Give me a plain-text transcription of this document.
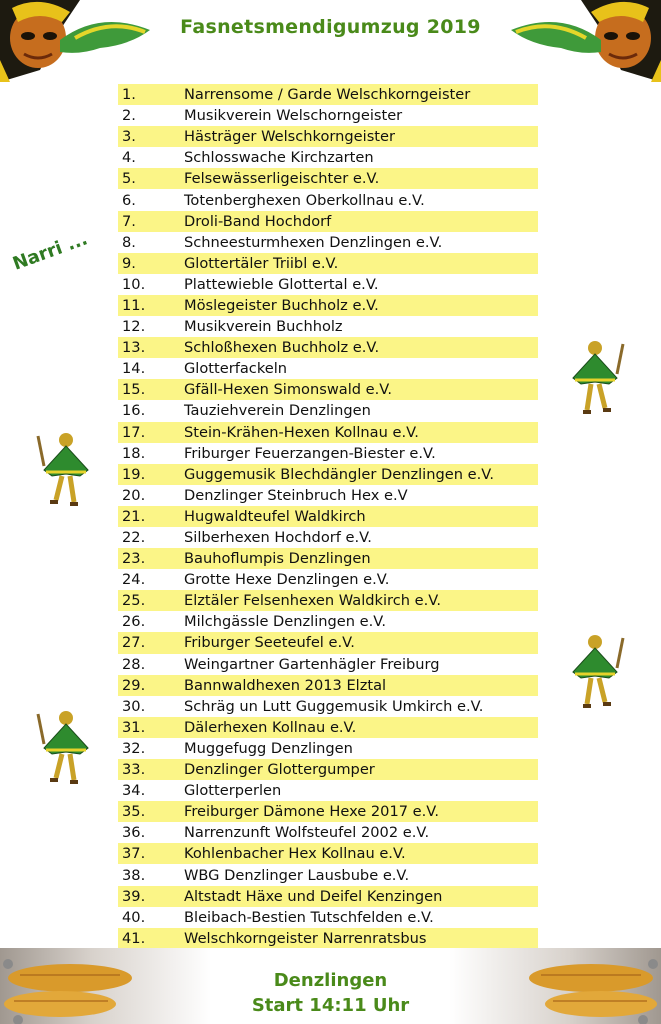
Fasnetsmendigumzug 2019
Narri ...
1.	Narrensome / Garde Welschkorngeister
2.	Musikverein Welschorngeister
3.	Hästräger Welschkorngeister
4.	Schlosswache Kirchzarten
5.	Felsewässerligeischter e.V.
6.	Totenberghexen Oberkollnau e.V.
7.	Droli-Band Hochdorf
8.	Schneesturmhexen Denzlingen e.V.
9.	Glottertäler Triibl e.V.
10.	Plattewieble Glottertal e.V.
11.	Möslegeister Buchholz e.V.
12.	Musikverein Buchholz
13.	Schloßhexen Buchholz e.V.
14.	Glotterfackeln
15.	Gfäll-Hexen Simonswald e.V.
16.	Tauziehverein Denzlingen
17.	Stein-Krähen-Hexen Kollnau e.V.
18.	Friburger Feuerzangen-Biester e.V.
19.	Guggemusik Blechdängler Denzlingen e.V.
20.	Denzlinger Steinbruch Hex e.V
21.	Hugwaldteufel Waldkirch
22.	Silberhexen Hochdorf e.V.
23.	Bauhoflumpis Denzlingen
24.	Grotte Hexe Denzlingen e.V.
25.	Elztäler Felsenhexen Waldkirch e.V.
26.	Milchgässle Denzlingen e.V.
27.	Friburger Seeteufel e.V.
28.	Weingartner Gartenhägler Freiburg
29.	Bannwaldhexen 2013 Elztal
30.	Schräg un Lutt Guggemusik Umkirch e.V.
31.	Dälerhexen Kollnau e.V.
32.	Muggefugg Denzlingen
33.	Denzlinger Glottergumper
34.	Glotterperlen
35.	Freiburger Dämone Hexe 2017 e.V.
36.	Narrenzunft Wolfsteufel 2002 e.V.
37.	Kohlenbacher Hex Kollnau e.V.
38.	WBG Denzlinger Lausbube e.V.
39.	Altstadt Häxe und Deifel Kenzingen
40.	Bleibach-Bestien Tutschfelden e.V.
41.	Welschkorngeister Narrenratsbus
Denzlingen
Start 14:11 Uhr
